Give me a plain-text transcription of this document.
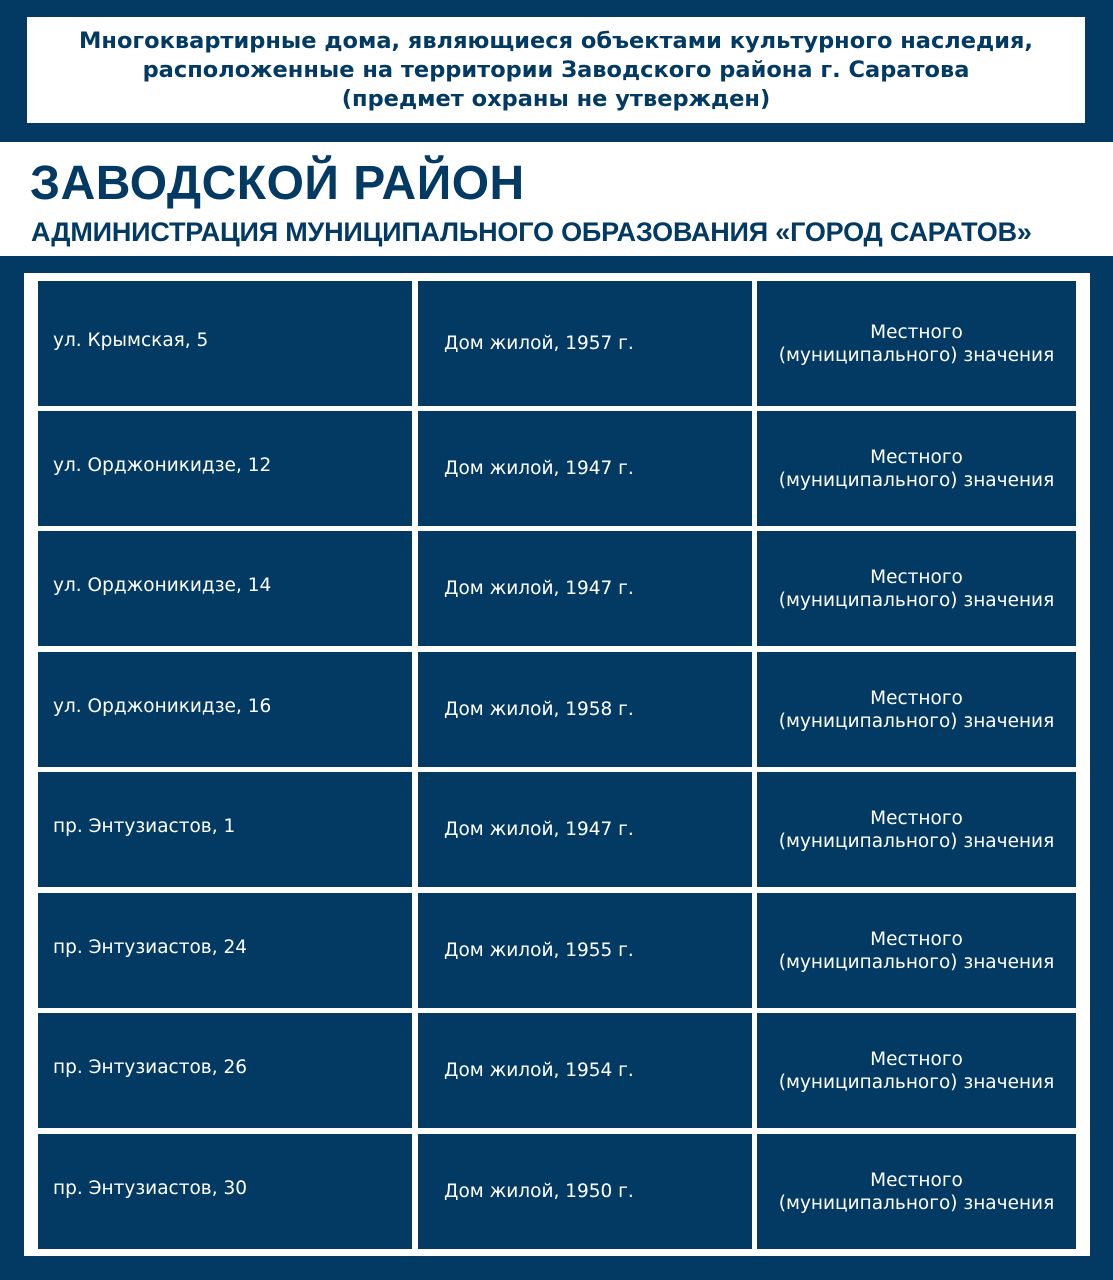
Многоквартирные дома, являющиеся объектами культурного наследия,
расположенные на территории Заводского района г. Саратова
(предмет охраны не утвержден)
ЗАВОДСКОЙ РАЙОН
АДМИНИСТРАЦИЯ МУНИЦИПАЛЬНОГО ОБРАЗОВАНИЯ «ГОРОД САРАТОВ»
ул. Крымская, 5	Дом жилой, 1957 г.
Местного
(муниципального) значения
ул. Орджоникидзе, 12	Дом жилой, 1947 г.
Местного
(муниципального) значения
ул. Орджоникидзе, 14	Дом жилой, 1947 г.
Местного
(муниципального) значения
ул. Орджоникидзе, 16	Дом жилой, 1958 г.
Местного
(муниципального) значения
пр. Энтузиастов, 1	Дом жилой, 1947 г.
Местного
(муниципального) значения
пр. Энтузиастов, 24	Дом жилой, 1955 г.
Местного
(муниципального) значения
пр. Энтузиастов, 26	Дом жилой, 1954 г.
Местного
(муниципального) значения
пр. Энтузиастов, 30	Дом жилой, 1950 г.
Местного
(муниципального) значения
